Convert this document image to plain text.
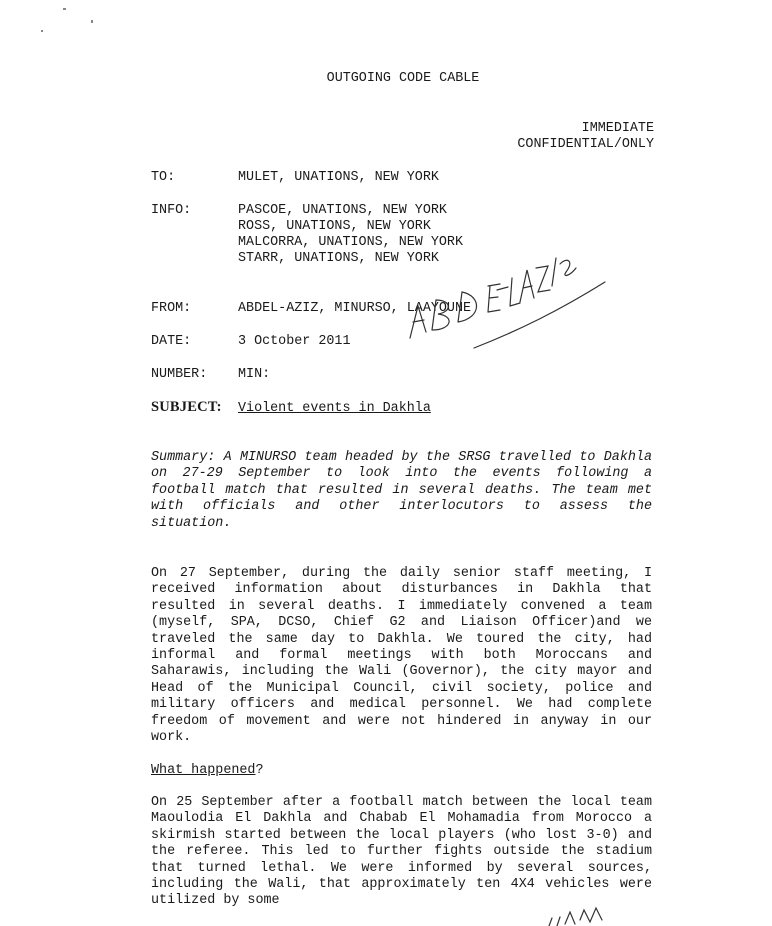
OUTGOING CODE CABLE
IMMEDIATE
CONFIDENTIAL/ONLY
TO:	MULET, UNATIONS, NEW YORK
INFO:	PASCOE, UNATIONS, NEW YORK
ROSS, UNATIONS, NEW YORK
MALCORRA, UNATIONS, NEW YORK
STARR, UNATIONS, NEW YORK
FROM:	ABDEL-AZIZ, MINURSO, LAAYOUNE
DATE:	3 October 2011
NUMBER: MIN:
SUBJECT: Violent events in Dakhla
Summary: A MINURSO team headed by the SRSG travelled to Dakhla on 27-29 September to look into the events following a football match that resulted in several deaths. The team met with officials and other interlocutors to assess the situation.
On 27 September, during the daily senior staff meeting, I received information about disturbances in Dakhla that resulted in several deaths. I immediately convened a team (myself, SPA, DCSO, Chief G2 and Liaison Officer)and we traveled the same day to Dakhla. We toured the city, had informal and formal meetings with both Moroccans and Saharawis, including the Wali (Governor), the city mayor and Head of the Municipal Council, civil society, police and military officers and medical personnel. We had complete freedom of movement and were not hindered in anyway in our work.
What happened?
On 25 September after a football match between the local team Maoulodia El Dakhla and Chabab El Mohamadia from Morocco a skirmish started between the local players (who lost 3-0) and the referee. This led to further fights outside the stadium that turned lethal. We were informed by several sources, including the Wali, that approximately ten 4X4 vehicles were utilized by some
